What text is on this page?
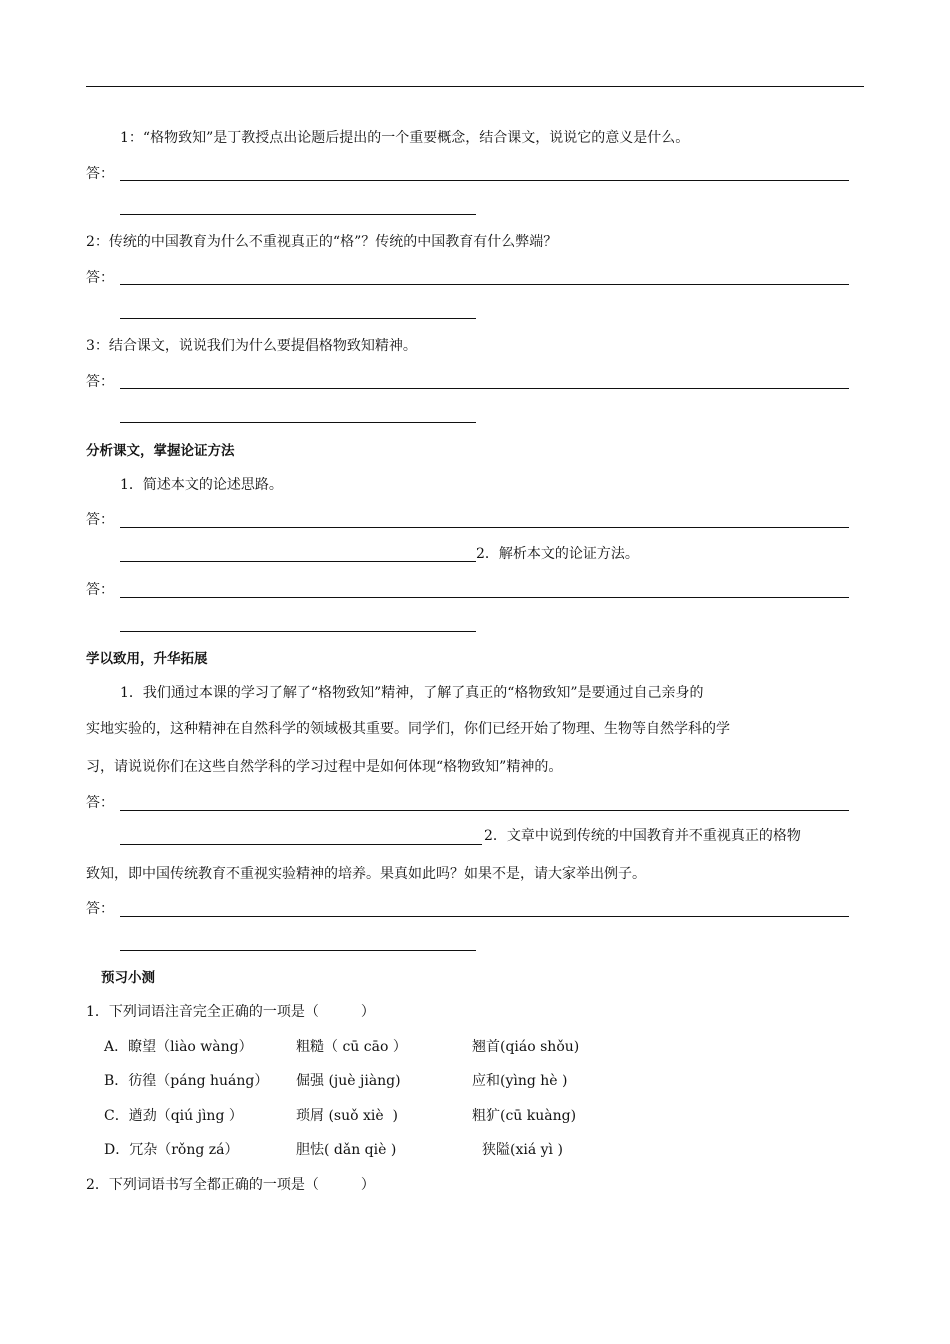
1：“格物致知”是丁教授点出论题后提出的一个重要概念，结合课文，说说它的意义是什么。
答：
2：传统的中国教育为什么不重视真正的“格”？传统的中国教育有什么弊端？
答：
3：结合课文，说说我们为什么要提倡格物致知精神。
答：
分析课文，掌握论证方法
1．简述本文的论述思路。
答：
2．解析本文的论证方法。
答：
学以致用，升华拓展
1．我们通过本课的学习了解了“格物致知”精神，了解了真正的“格物致知”是要通过自己亲身的
实地实验的，这种精神在自然科学的领域极其重要。同学们，你们已经开始了物理、生物等自然学科的学
习，请说说你们在这些自然学科的学习过程中是如何体现“格物致知”精神的。
答：
2．文章中说到传统的中国教育并不重视真正的格物
致知，即中国传统教育不重视实验精神的培养。果真如此吗？如果不是，请大家举出例子。
答：
预习小测
1．下列词语注音完全正确的一项是（　　　）
A．瞭望（liào wàng）	粗糙（ cū cāo ）	翘首(qiáo shǒu)
B．彷徨（páng huáng） 倔强 (juè jiàng)	应和(yìng hè )
C．遒劲（qiú jìng ）	琐屑 (suǒ xiè  )	粗犷(cū kuàng)
D．冗杂（rǒng zá）	胆怯( dǎn qiè )	狭隘(xiá yì )
2．下列词语书写全都正确的一项是（　　　）
